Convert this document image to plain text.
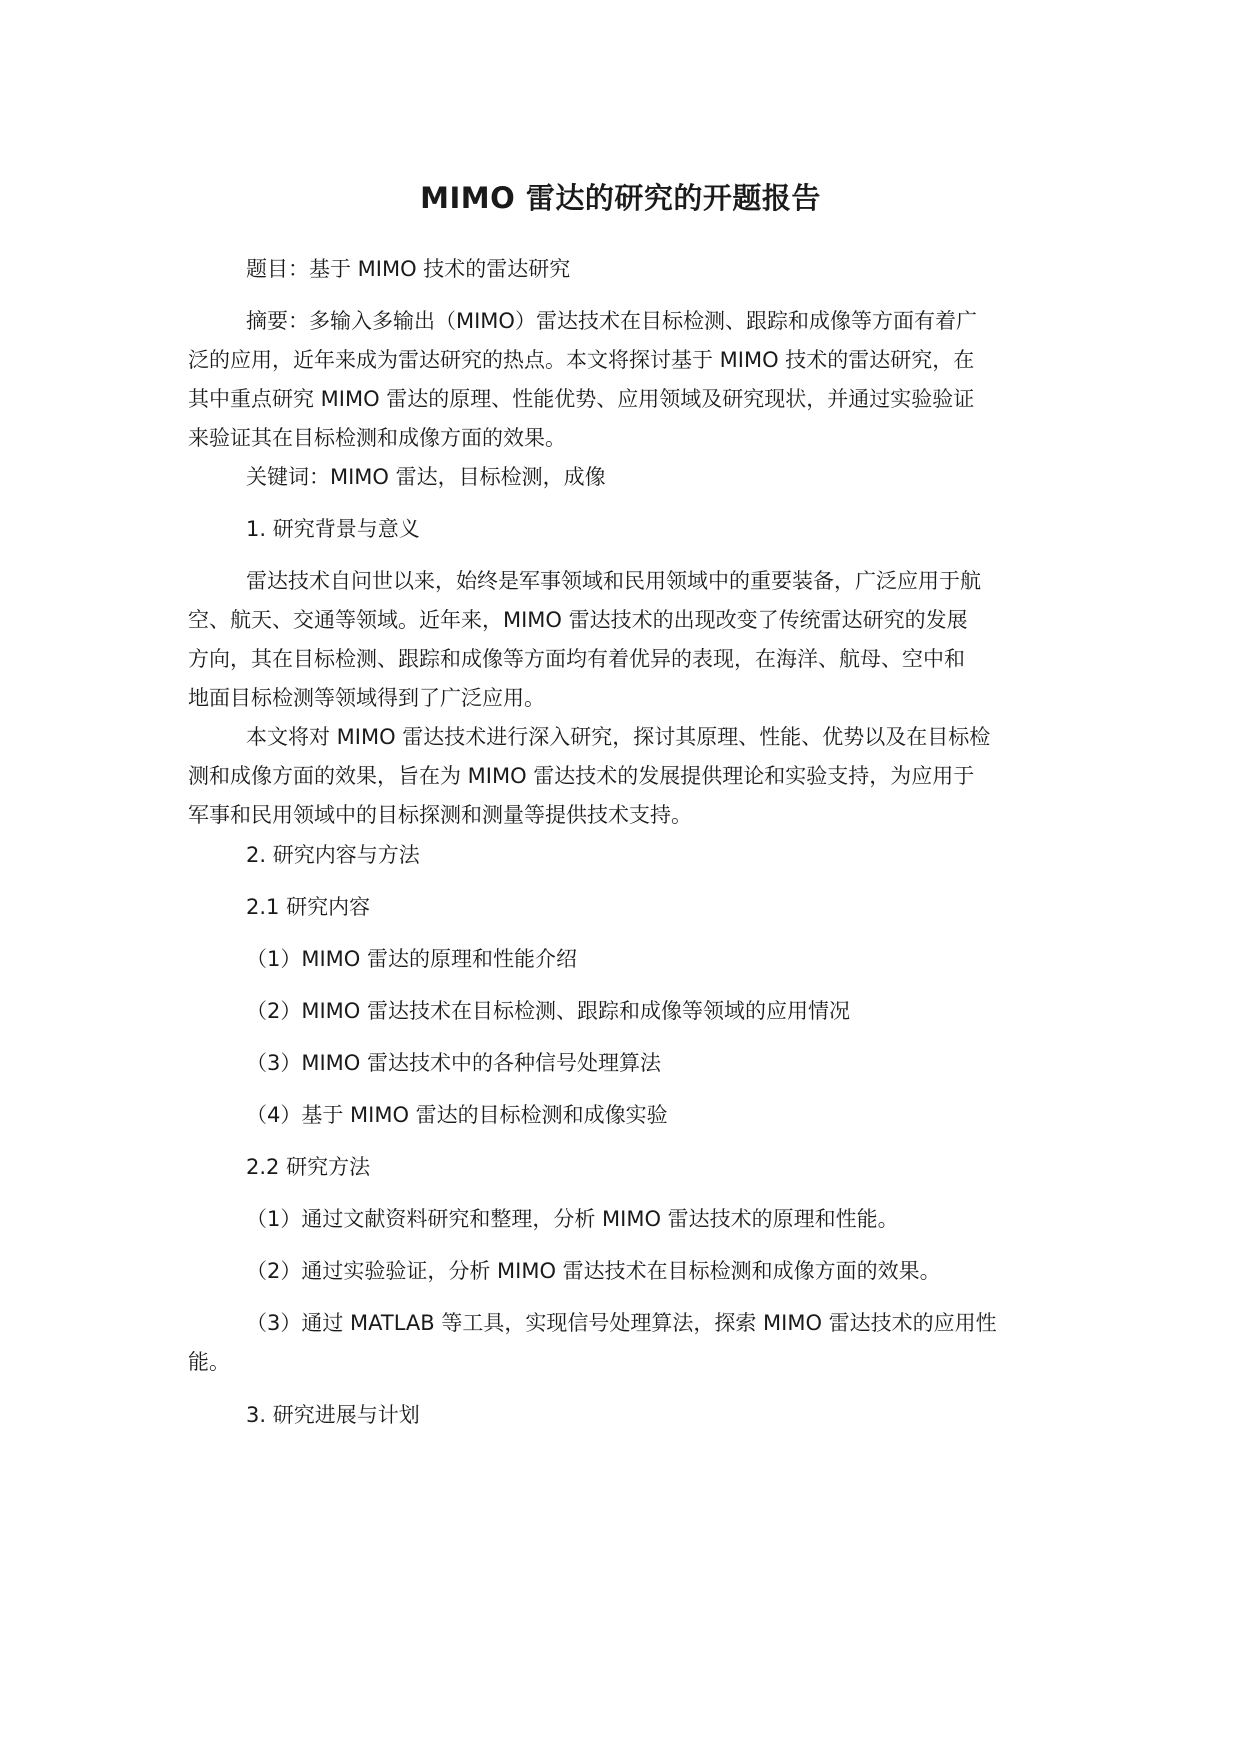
MIMO 雷达的研究的开题报告
题目：基于 MIMO 技术的雷达研究
摘要：多输入多输出（MIMO）雷达技术在目标检测、跟踪和成像等方面有着广
泛的应用，近年来成为雷达研究的热点。本文将探讨基于 MIMO 技术的雷达研究，在
其中重点研究 MIMO 雷达的原理、性能优势、应用领域及研究现状，并通过实验验证
来验证其在目标检测和成像方面的效果。
关键词：MIMO 雷达，目标检测，成像
1. 研究背景与意义
雷达技术自问世以来，始终是军事领域和民用领域中的重要装备，广泛应用于航
空、航天、交通等领域。近年来，MIMO 雷达技术的出现改变了传统雷达研究的发展
方向，其在目标检测、跟踪和成像等方面均有着优异的表现，在海洋、航母、空中和
地面目标检测等领域得到了广泛应用。
本文将对 MIMO 雷达技术进行深入研究，探讨其原理、性能、优势以及在目标检
测和成像方面的效果，旨在为 MIMO 雷达技术的发展提供理论和实验支持，为应用于
军事和民用领域中的目标探测和测量等提供技术支持。
2. 研究内容与方法
2.1 研究内容
（1）MIMO 雷达的原理和性能介绍
（2）MIMO 雷达技术在目标检测、跟踪和成像等领域的应用情况
（3）MIMO 雷达技术中的各种信号处理算法
（4）基于 MIMO 雷达的目标检测和成像实验
2.2 研究方法
（1）通过文献资料研究和整理，分析 MIMO 雷达技术的原理和性能。
（2）通过实验验证，分析 MIMO 雷达技术在目标检测和成像方面的效果。
（3）通过 MATLAB 等工具，实现信号处理算法，探索 MIMO 雷达技术的应用性
能。
3. 研究进展与计划
